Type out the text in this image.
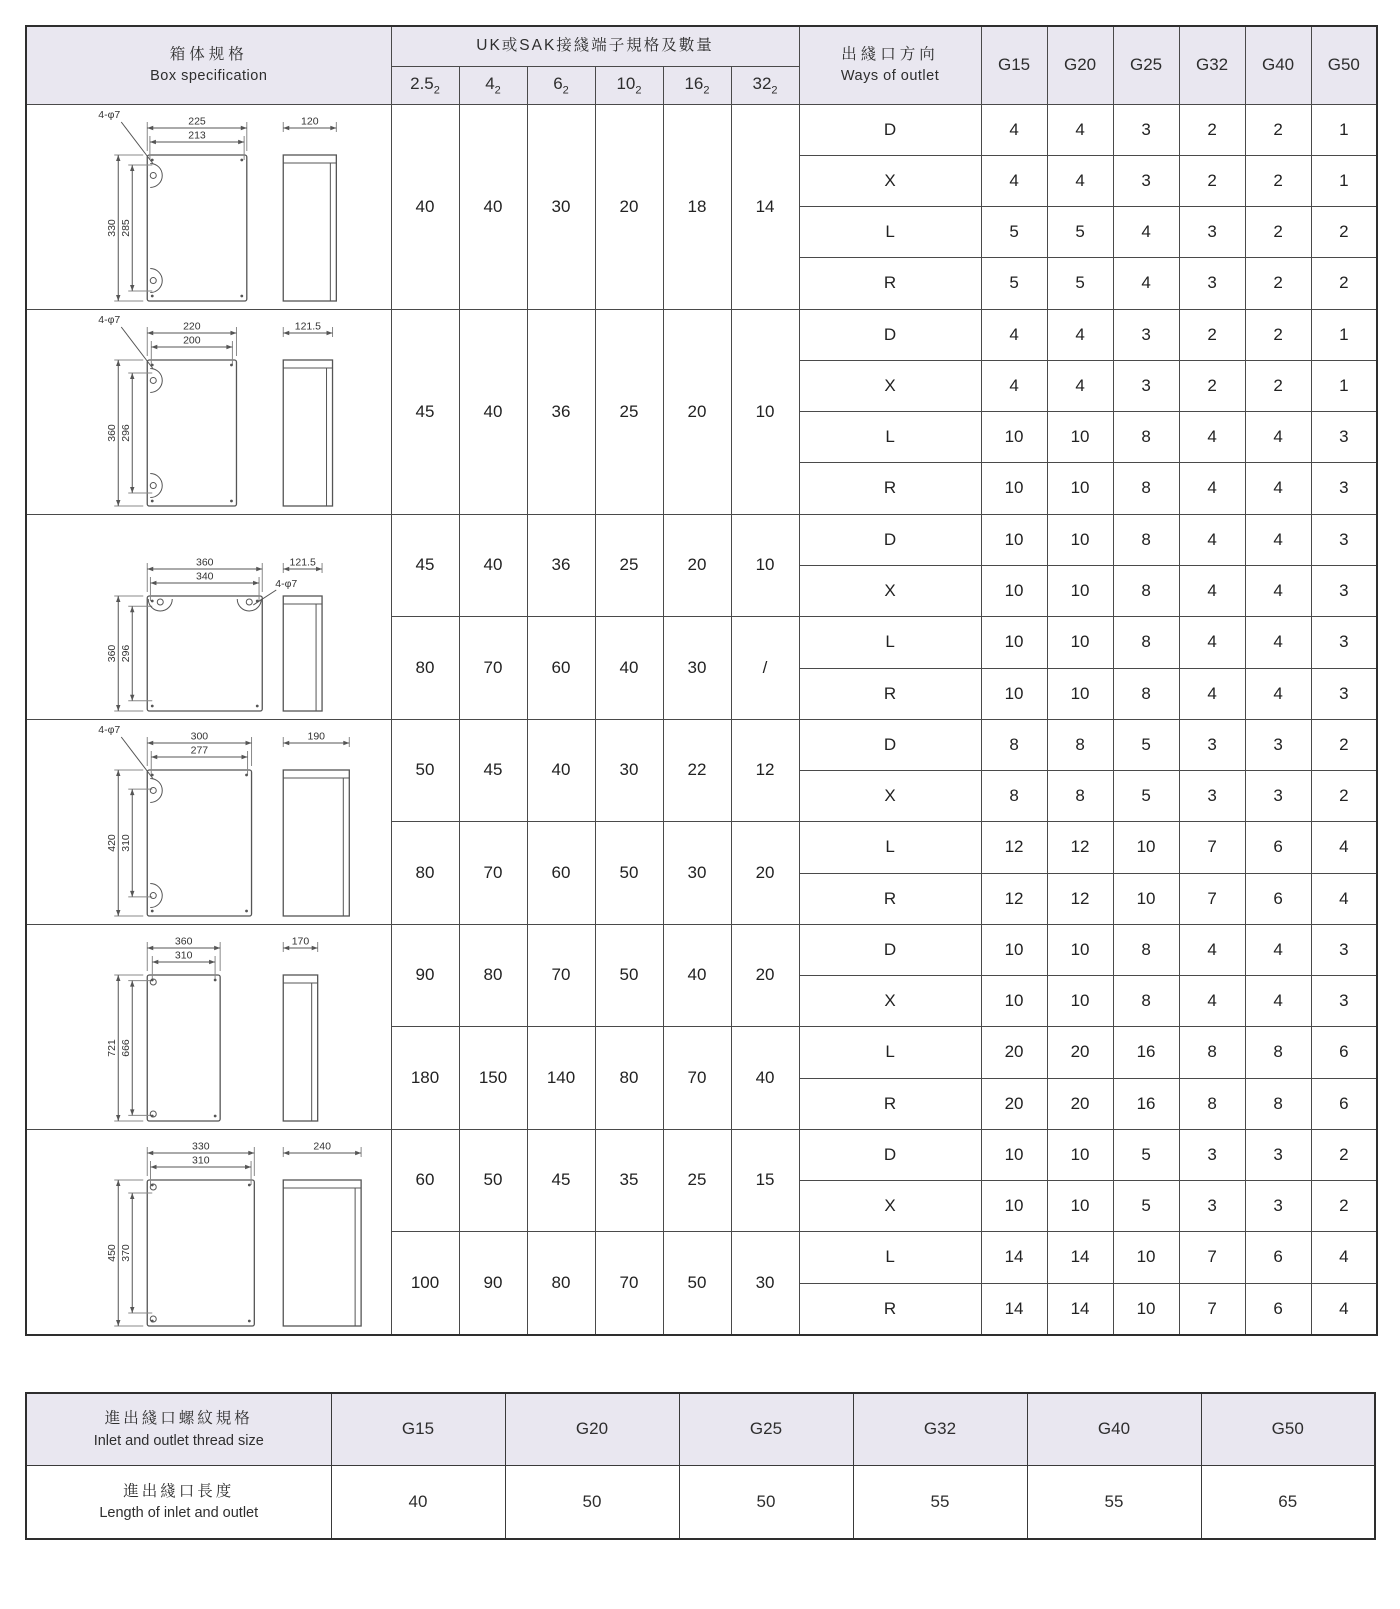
箱体规格
Box specification

UK或SAK接綫端子規格及數量

出綫口方向
Ways of outlet
	G15	G20	G25	G32	G40	G50
	$2.5_2$	$4_2$	$6_2$	$10_2$	$16_2$	$32_2$

225
213
330 285
4-φ7
120
	40	40	30	20	18	14	D	4	4	3	2	2	1
							X	4	4	3	2	2	1
							L	5	5	4	3	2	2
							R	5	5	4	3	2	2

220
200
360 296
4-φ7
121.5
	45	40	36	25	20	10	D	4	4	3	2	2	1
							X	4	4	3	2	2	1
							L	10	10	8	4	4	3
							R	10	10	8	4	4	3

360
340
360 296
4-φ7
121.5	45	40	36	25	20	10	D	10	10	8	4	4	3
							X	10	10	8	4	4	3
	80	70	60	40	30	/	L	10	10	8	4	4	3
							R	10	10	8	4	4	3

300
277
420 310
4-φ7
190
	50	45	40	30	22	12	D	8	8	5	3	3	2
							X	8	8	5	3	3	2
	80	70	60	50	30	20	L	12	12	10	7	6	4
							R	12	12	10	7	6	4

360
310
721 666
170	90	80	70	50	40	20	D	10	10	8	4	4	3
							X	10	10	8	4	4	3
	180	150	140	80	70	40	L	20	20	16	8	8	6
							R	20	20	16	8	8	6

330
310
450 370
240	60	50	45	35	25	15	D	10	10	5	3	3	2
							X	10	10	5	3	3	2
	100	90	80	70	50	30	L	14	14	10	7	6	4
							R	14	14	10	7	6	4
進出綫口螺紋規格
Inlet and outlet thread size	G15	G20	G25	G32	G40	G50

進出綫口長度
Length of inlet and outlet	40	50	50	55	55	65
